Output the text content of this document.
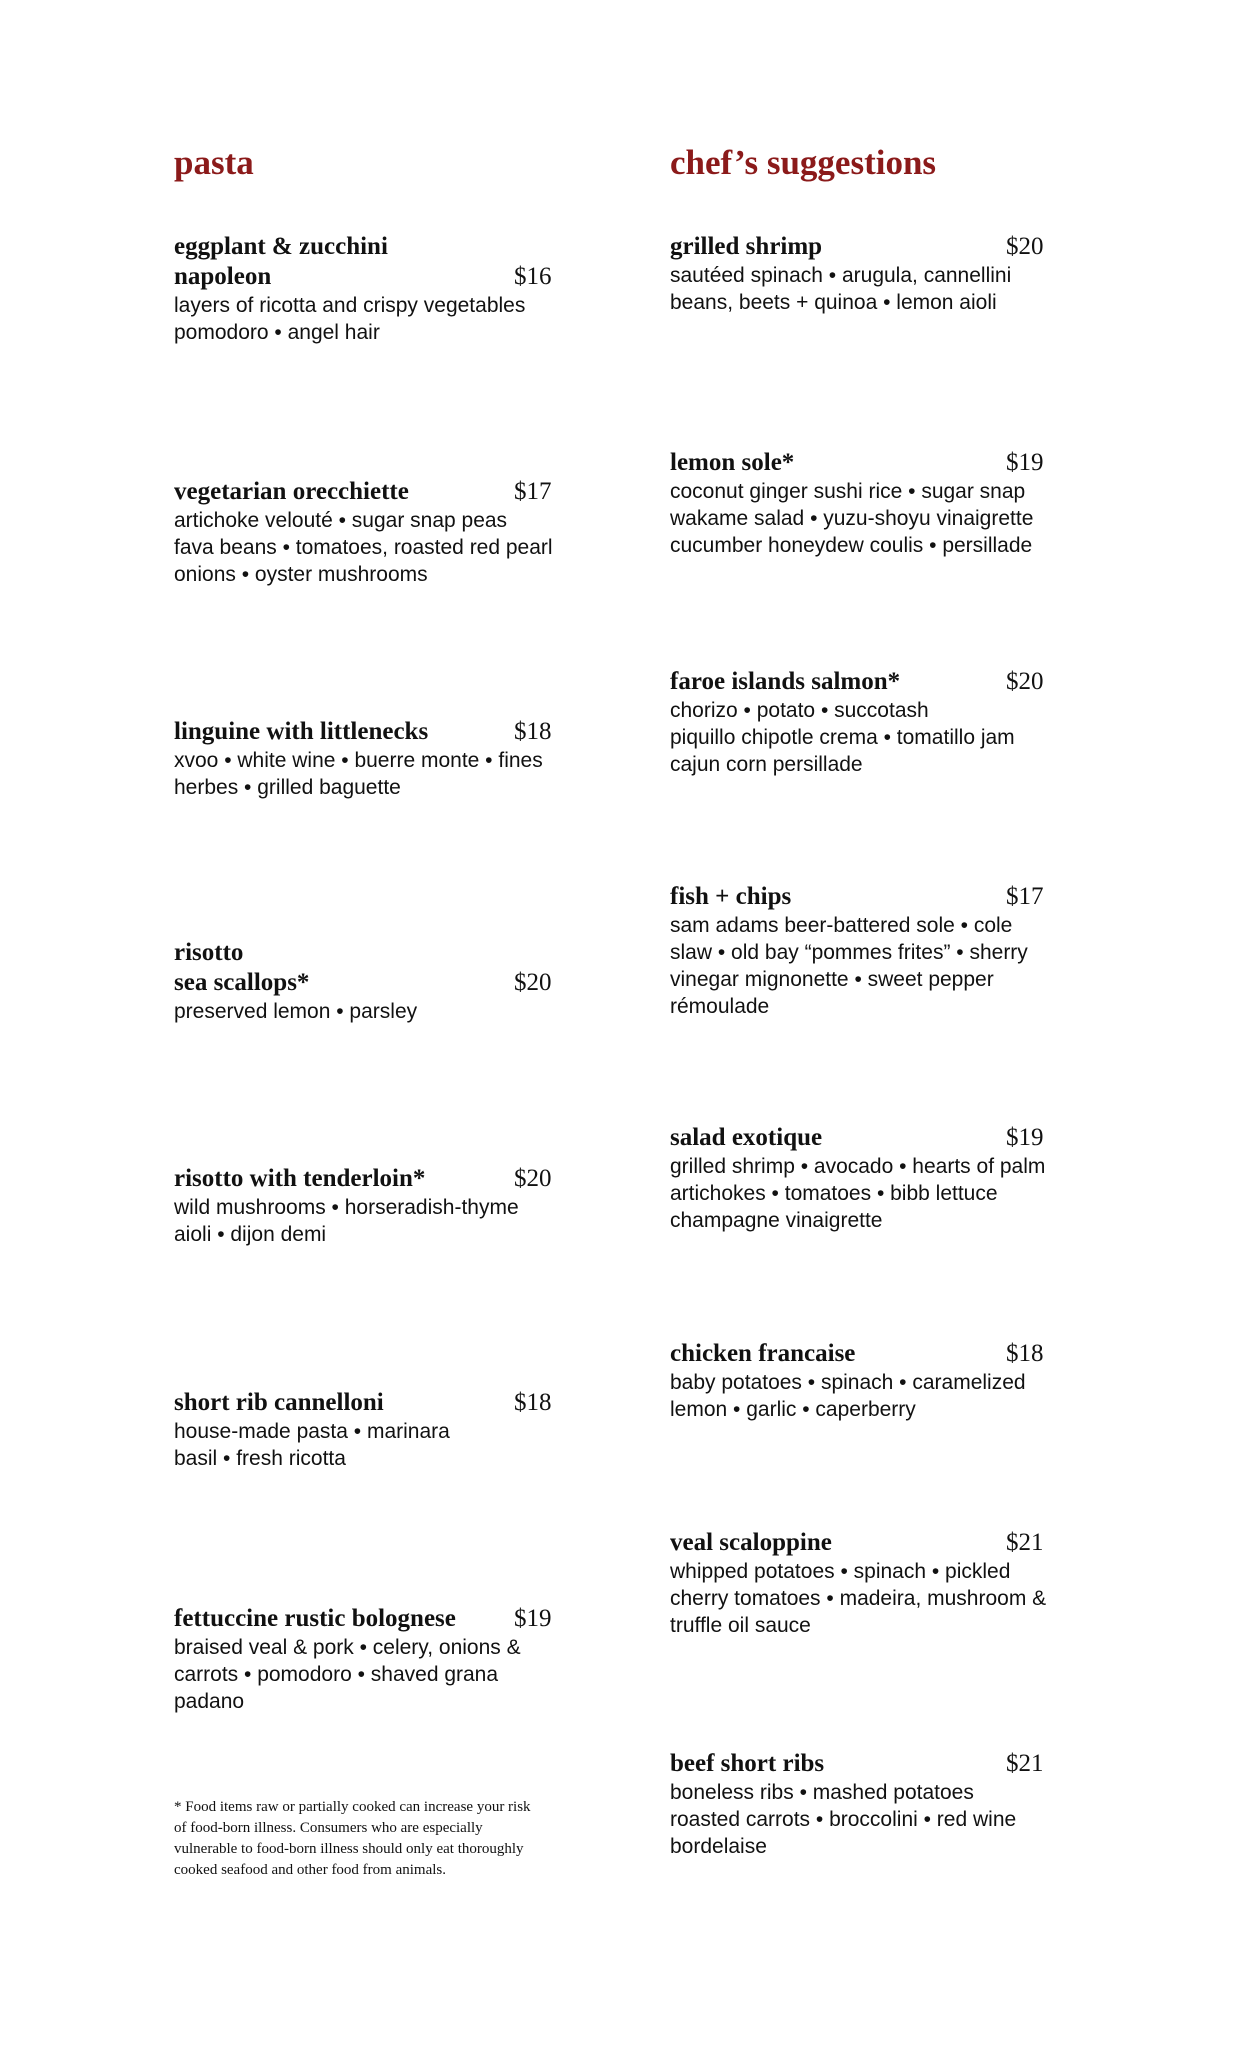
pasta	chef’s suggestions
eggplant & zucchini
napoleon	$16
layers of ricotta and crispy vegetables
pomodoro • angel hair
vegetarian orecchiette	$17
artichoke velouté • sugar snap peas
fava beans • tomatoes, roasted red pearl
onions • oyster mushrooms
linguine with littlenecks	$18
xvoo • white wine • buerre monte • fines
herbes • grilled baguette
risotto
sea scallops*	$20
preserved lemon • parsley
risotto with tenderloin*	$20
wild mushrooms • horseradish-thyme
aioli • dijon demi
short rib cannelloni	$18
house-made pasta • marinara
basil • fresh ricotta
fettuccine rustic bolognese	$19
braised veal & pork • celery, onions &
carrots • pomodoro • shaved grana
padano
grilled shrimp	$20
sautéed spinach • arugula, cannellini
beans, beets + quinoa • lemon aioli
lemon sole*	$19
coconut ginger sushi rice • sugar snap
wakame salad • yuzu-shoyu vinaigrette
cucumber honeydew coulis • persillade
faroe islands salmon*	$20
chorizo • potato • succotash
piquillo chipotle crema • tomatillo jam
cajun corn persillade
fish + chips	$17
sam adams beer-battered sole • cole
slaw • old bay “pommes frites” • sherry
vinegar mignonette • sweet pepper
rémoulade
salad exotique	$19
grilled shrimp • avocado • hearts of palm
artichokes • tomatoes • bibb lettuce
champagne vinaigrette
chicken francaise	$18
baby potatoes • spinach • caramelized
lemon • garlic • caperberry
veal scaloppine	$21
whipped potatoes • spinach • pickled
cherry tomatoes • madeira, mushroom &
truffle oil sauce
beef short ribs	$21
boneless ribs • mashed potatoes
roasted carrots • broccolini • red wine
bordelaise

* Food items raw or partially cooked can increase your risk
of food-born illness. Consumers who are especially
vulnerable to food-born illness should only eat thoroughly
cooked seafood and other food from animals.
